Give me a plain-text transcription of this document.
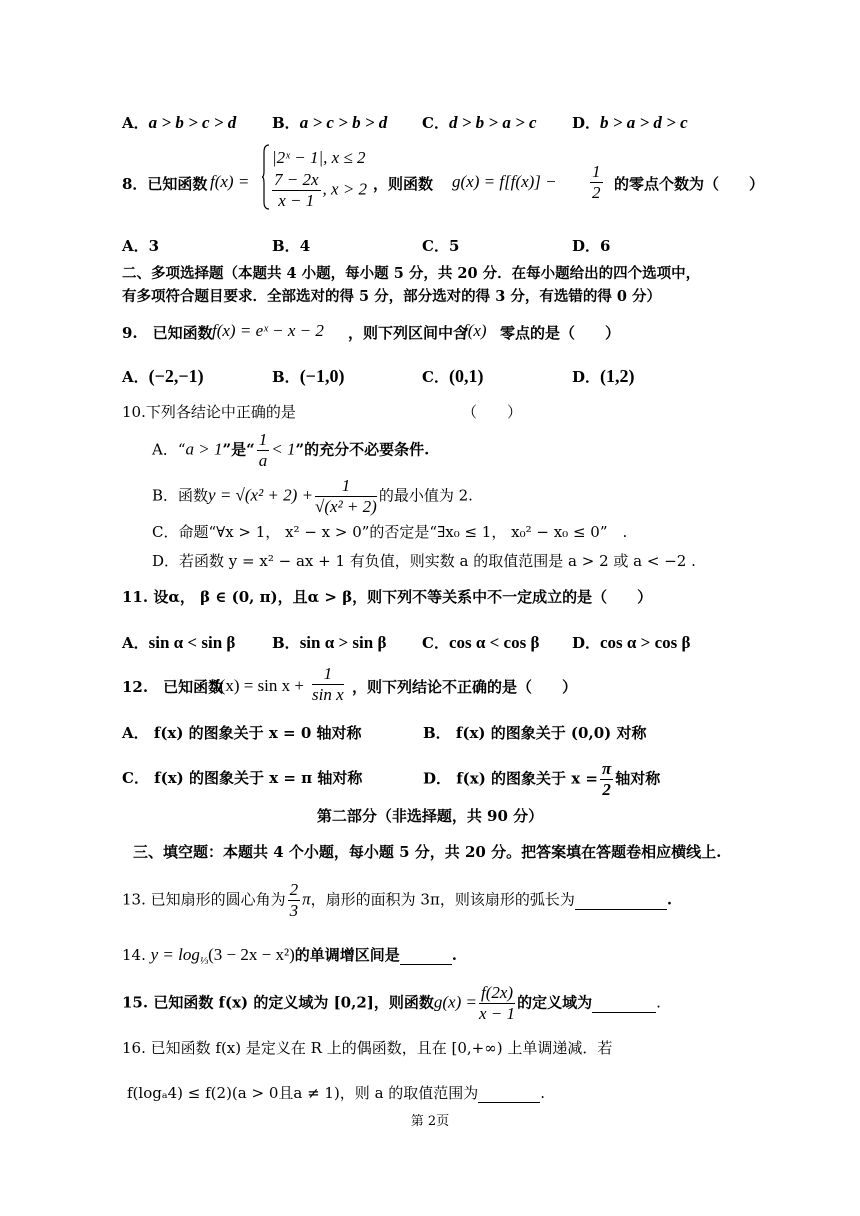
A．a > b > c > d B．a > c > b > d C．d > b > a > c D．b > a > d > c
8．已知函数 f(x) =
|2ˣ − 1|, x ≤ 2
$\frac{7 - 2x}{x - 1}$ , x > 2 ，则函数 $g(x) = f[f(x)] - \frac{1}{2}$ 的零点个数为（　　）
A．3	B．4	C．5	D．6
二、多项选择题（本题共 4 小题，每小题 5 分，共 20 分．在每小题给出的四个选项中，
有多项符合题目要求．全部选对的得 5 分，部分选对的得 3 分，有选错的得 0 分）
9.　已知函数 f(x) = eˣ − x − 2 ，则下列区间中含
f(x) 零点的是（　　）
A．(−2,−1)	B．(−1,0)	C．(0,1)	D．(1,2)
10.下列各结论中正确的是	（　　）
A．“a > 1”是“ $\frac{1}{a} < 1$”的充分不必要条件.
B．函数$y = √(x^2 + 2) + \frac{1}{\text{√(x² + 2)}}$ 的最小值为 2.
C．命题“∀x > 1， x² − x > 0”的否定是“∃x₀ ≤ 1， x₀² − x₀ ≤ 0”　.
D．若函数 y = x² − ax + 1 有负值，则实数 a 的取值范围是 a > 2 或 a < −2 .
11. 设α， β ∈ (0, π)，且α > β，则下列不等关系中不一定成立的是（　　）
A．sin α < sin β B．sin α > sin β C．cos α < cos β D．cos α > cos β
12.　已知函数
$f(x) = \sin x + \frac{1}{\text{sin x}}$ ，则下列结论不正确的是（　　）
A． f(x) 的图象关于 x = 0 轴对称	B． f(x) 的图象关于 (0,0) 对称
C． f(x) 的图象关于 x = π 轴对称	D． f(x) 的图象关于 $x = \frac{\pi}{2}$ 轴对称
第二部分（非选择题，共 90 分）
三、填空题：本题共 4 个小题，每小题 5 分，共 20 分。把答案填在答题卷相应横线上.
13. 已知扇形的圆心角为 $\frac{2}{3}$ π，扇形的面积为 3π，则该扇形的弧长为	.
14. $y = \log_{\frac{1}{3}}(3 - 2x - x^2)$的单调增区间是	.
15. 已知函数 f(x) 的定义域为 [0,2]，则函数$g(x) = \frac{f(2x)}{x - 1}$ 的定义域为	.
16. 已知函数 f(x) 是定义在 R 上的偶函数，且在 [0,+∞) 上单调递减．若
f(logₐ4) ≤ f(2)(a > 0且a ≠ 1)，则 a 的取值范围为	.
第 2页
